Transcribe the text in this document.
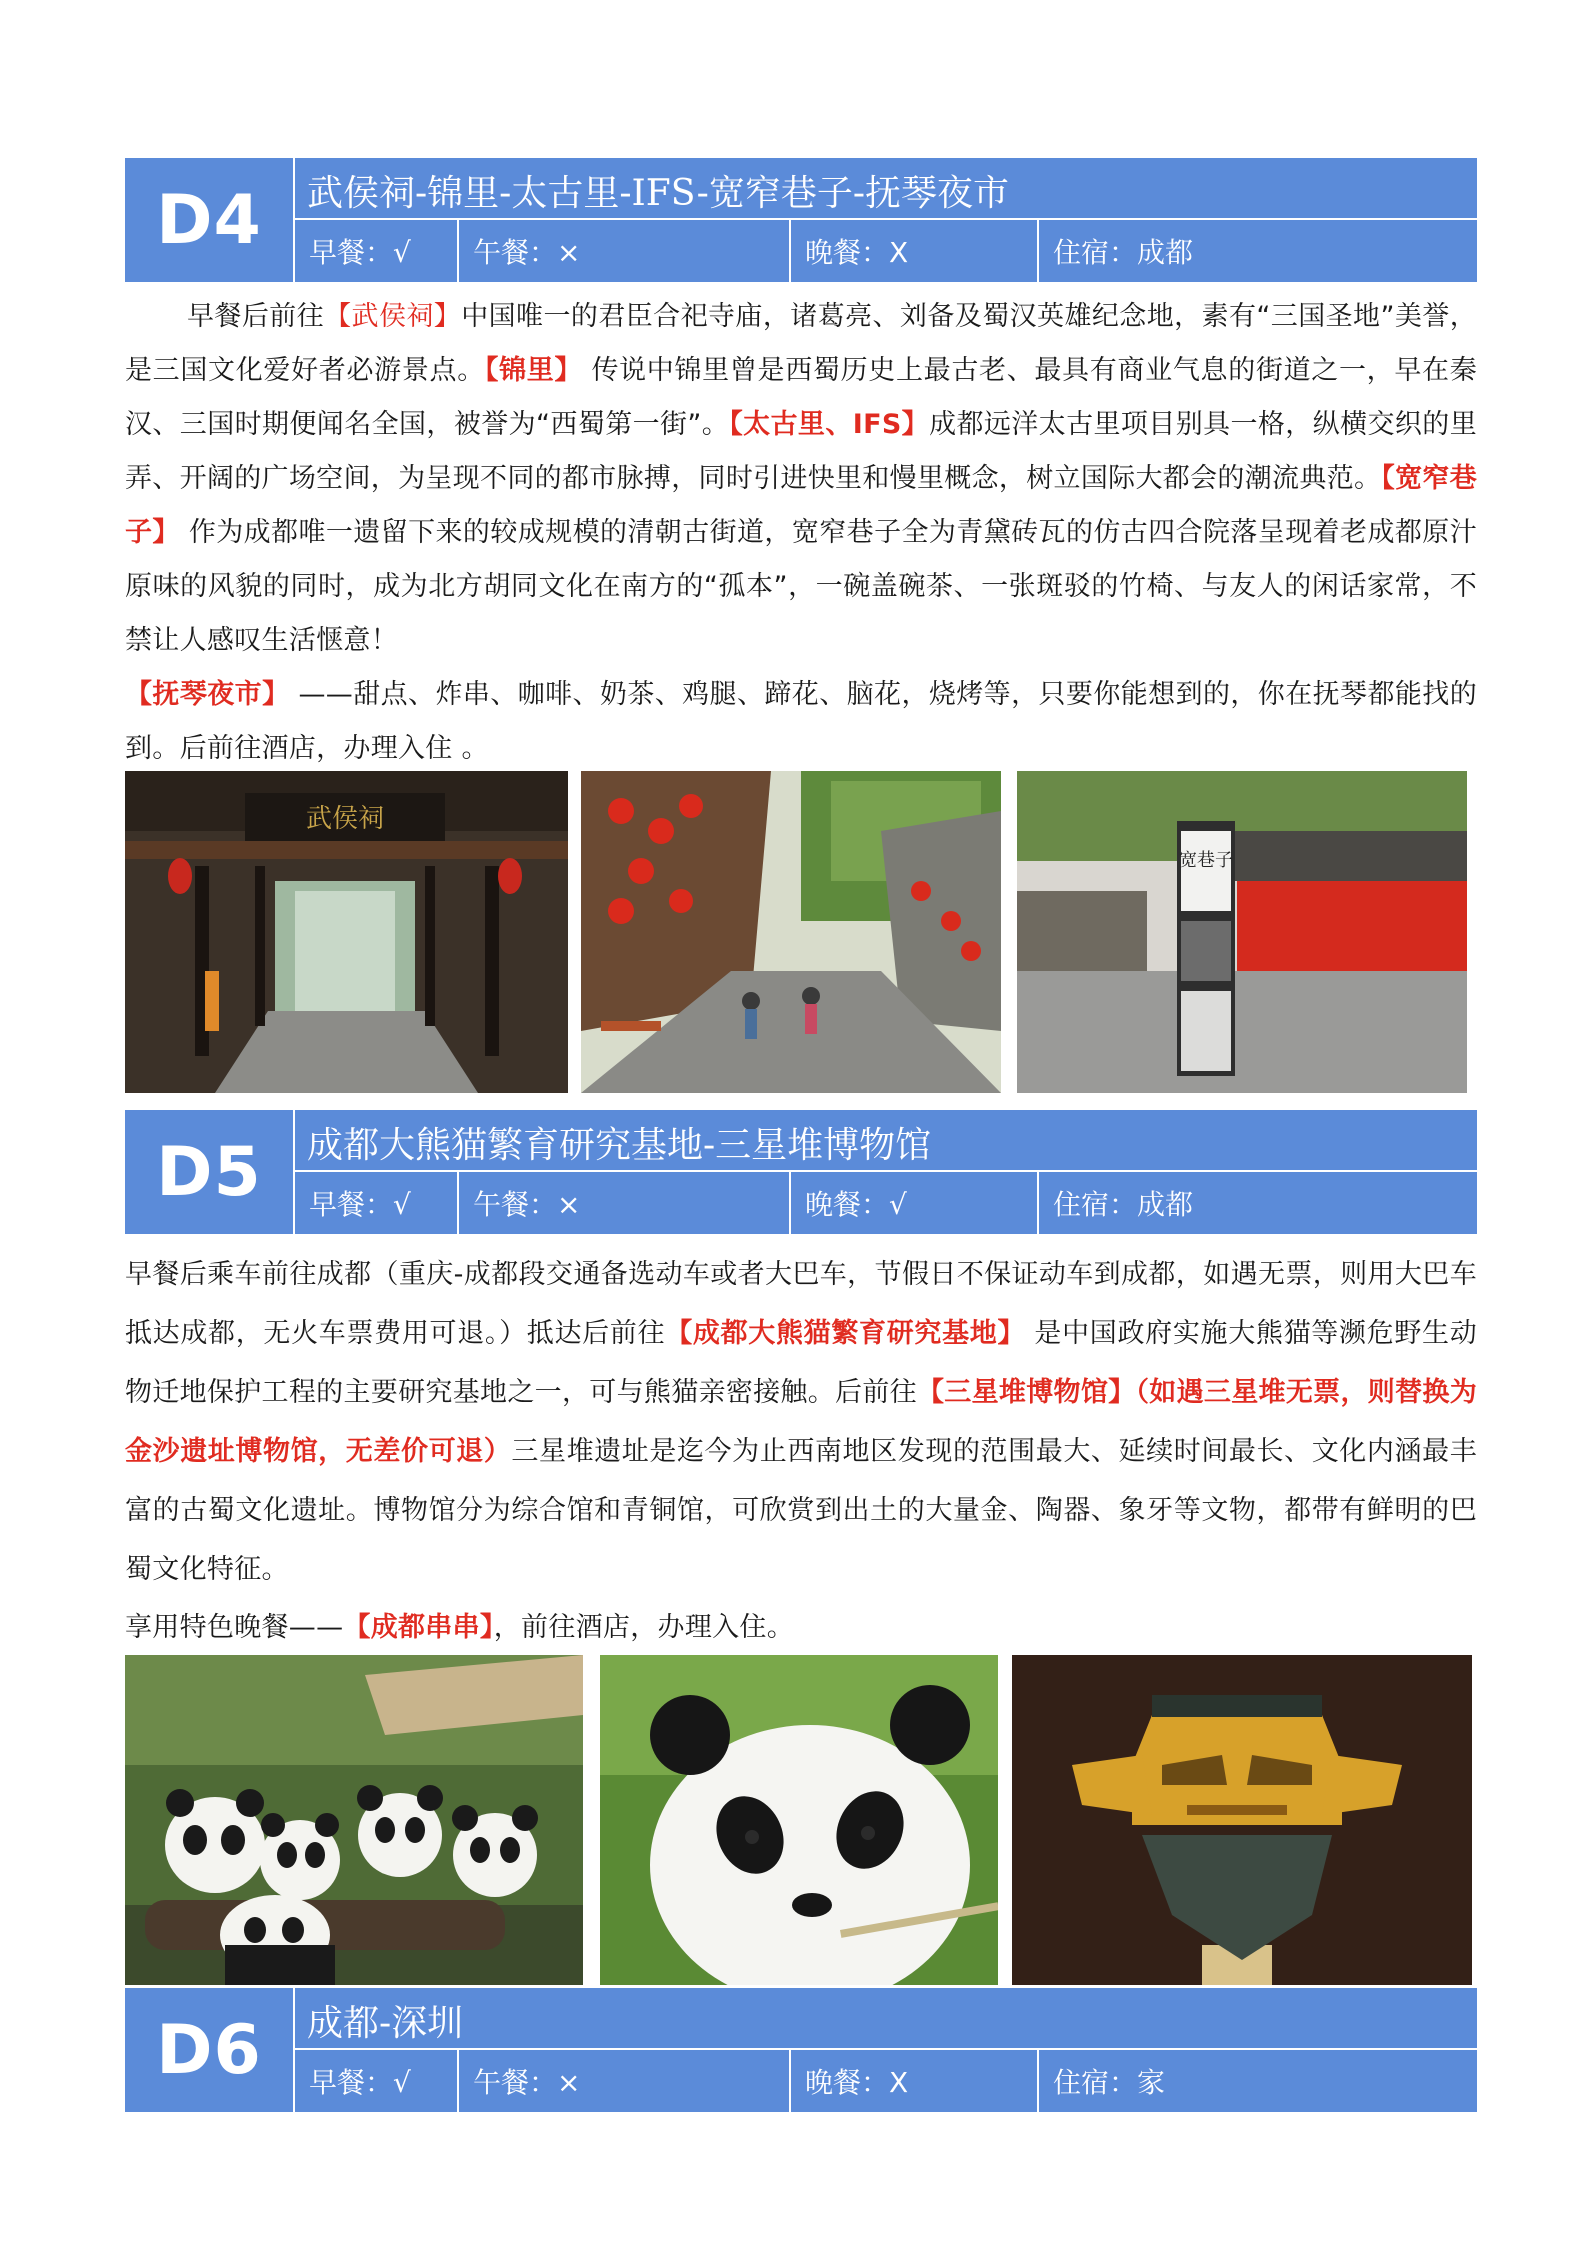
D4	武侯祠-锦里-太古里-IFS-宽窄巷子-抚琴夜市
早餐：√	午餐：×	晚餐：X	住宿：成都

早餐后前往【武侯祠】中国唯一的君臣合祀寺庙，诸葛亮、刘备及蜀汉英雄纪念地，素有“三国圣地”美誉，是三国文化爱好者必游景点。【锦里】 传说中锦里曾是西蜀历史上最古老、最具有商业气息的街道之一，早在秦汉、三国时期便闻名全国，被誉为“西蜀第一街”。【太古里、IFS】成都远洋太古里项目别具一格，纵横交织的里弄、开阔的广场空间，为呈现不同的都市脉搏，同时引进快里和慢里概念，树立国际大都会的潮流典范。【宽窄巷子】 作为成都唯一遗留下来的较成规模的清朝古街道，宽窄巷子全为青黛砖瓦的仿古四合院落呈现着老成都原汁原味的风貌的同时，成为北方胡同文化在南方的“孤本”，一碗盖碗茶、一张斑驳的竹椅、与友人的闲话家常，不禁让人感叹生活惬意！

【抚琴夜市】 ——甜点、炸串、咖啡、奶茶、鸡腿、蹄花、脑花，烧烤等，只要你能想到的，你在抚琴都能找的到。后前往酒店，办理入住 。

武侯祠
宽巷子
D5	成都大熊猫繁育研究基地-三星堆博物馆
早餐：√	午餐：×	晚餐：√	住宿：成都

早餐后乘车前往成都（重庆-成都段交通备选动车或者大巴车，节假日不保证动车到成都，如遇无票，则用大巴车抵达成都，无火车票费用可退。）抵达后前往【成都大熊猫繁育研究基地】 是中国政府实施大熊猫等濒危野生动物迁地保护工程的主要研究基地之一，可与熊猫亲密接触。后前往【三星堆博物馆】（如遇三星堆无票，则替换为金沙遗址博物馆，无差价可退）三星堆遗址是迄今为止西南地区发现的范围最大、延续时间最长、文化内涵最丰富的古蜀文化遗址。博物馆分为综合馆和青铜馆，可欣赏到出土的大量金、陶器、象牙等文物，都带有鲜明的巴蜀文化特征。

享用特色晚餐——【成都串串】，前往酒店，办理入住。

D6	成都-深圳
早餐：√	午餐：×	晚餐：X	住宿：家
